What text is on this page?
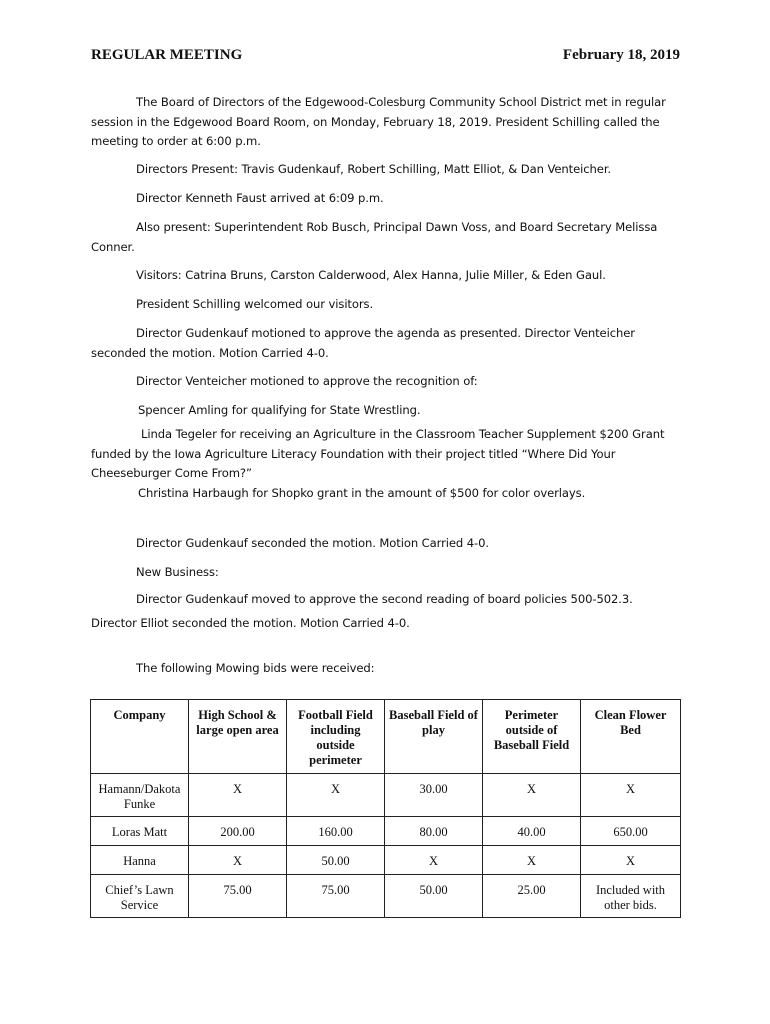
REGULAR MEETING	February 18, 2019
The Board of Directors of the Edgewood-Colesburg Community School District met in regular session in the Edgewood Board Room, on Monday, February 18, 2019. President Schilling called the meeting to order at 6:00 p.m.
Directors Present: Travis Gudenkauf, Robert Schilling, Matt Elliot, & Dan Venteicher.
Director Kenneth Faust arrived at 6:09 p.m.
Also present: Superintendent Rob Busch, Principal Dawn Voss, and Board Secretary Melissa Conner.
Visitors: Catrina Bruns, Carston Calderwood, Alex Hanna, Julie Miller, & Eden Gaul.
President Schilling welcomed our visitors.
Director Gudenkauf motioned to approve the agenda as presented. Director Venteicher seconded the motion. Motion Carried 4-0.
Director Venteicher motioned to approve the recognition of:
Spencer Amling for qualifying for State Wrestling.
Linda Tegeler for receiving an Agriculture in the Classroom Teacher Supplement $200 Grant funded by the Iowa Agriculture Literacy Foundation with their project titled “Where Did Your Cheeseburger Come From?”
Christina Harbaugh for Shopko grant in the amount of $500 for color overlays.
Director Gudenkauf seconded the motion. Motion Carried 4-0.
New Business:
Director Gudenkauf moved to approve the second reading of board policies 500-502.3. Director Elliot seconded the motion. Motion Carried 4-0.
The following Mowing bids were received:
Company	High School & large open area	Football Field including outside perimeter	Baseball Field of play	Perimeter outside of Baseball Field	Clean Flower Bed
Hamann/Dakota Funke	X	X	30.00	X	X
Loras Matt	200.00	160.00	80.00	40.00	650.00
Hanna	X	50.00	X	X	X
Chief’s Lawn Service	75.00	75.00	50.00	25.00	Included with other bids.
